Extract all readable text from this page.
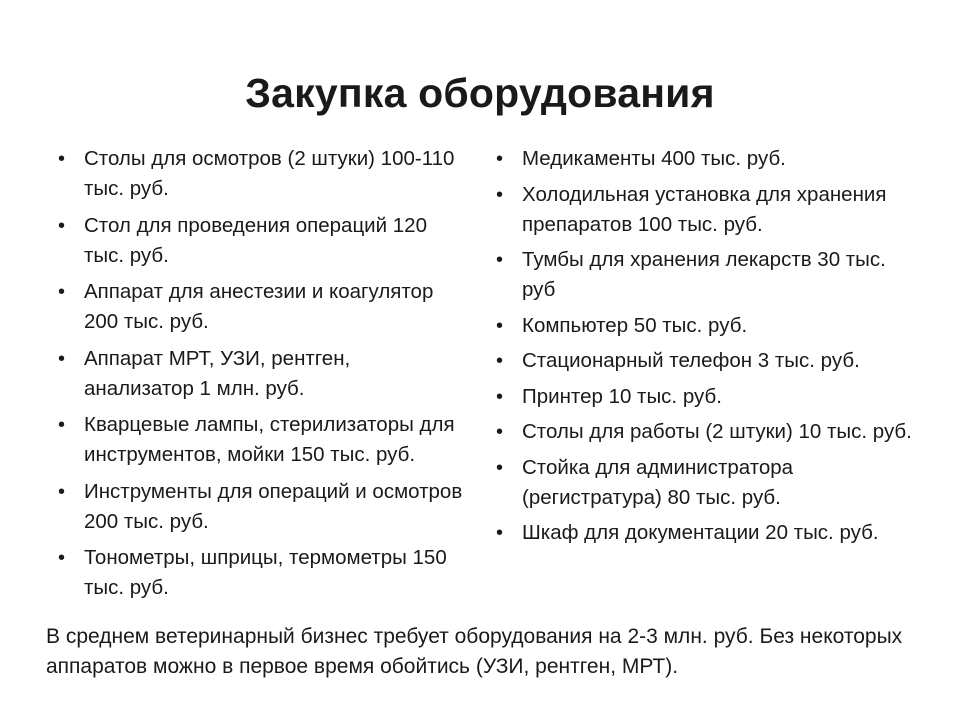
Закупка оборудования
• Столы для осмотров (2 штуки) 100-110 тыс. руб.
• Стол для проведения операций 120 тыс. руб.
• Аппарат для анестезии и коагулятор 200 тыс. руб.
• Аппарат МРТ, УЗИ, рентген, анализатор 1 млн. руб.
• Кварцевые лампы, стерилизаторы для инструментов, мойки 150 тыс. руб.
• Инструменты для операций и осмотров 200 тыс. руб.
• Тонометры, шприцы, термометры 150 тыс. руб.
• Медикаменты 400 тыс. руб.
• Холодильная установка для хранения препаратов 100 тыс. руб.
• Тумбы для хранения лекарств 30 тыс. руб
• Компьютер 50 тыс. руб.
• Стационарный телефон 3 тыс. руб.
• Принтер 10 тыс. руб.
• Столы для работы (2 штуки) 10 тыс. руб.
• Стойка для администратора (регистратура) 80 тыс. руб.
• Шкаф для документации 20 тыс. руб.

В среднем ветеринарный бизнес требует оборудования на 2-3 млн. руб. Без некоторых аппаратов можно в первое время обойтись (УЗИ, рентген, МРТ).
